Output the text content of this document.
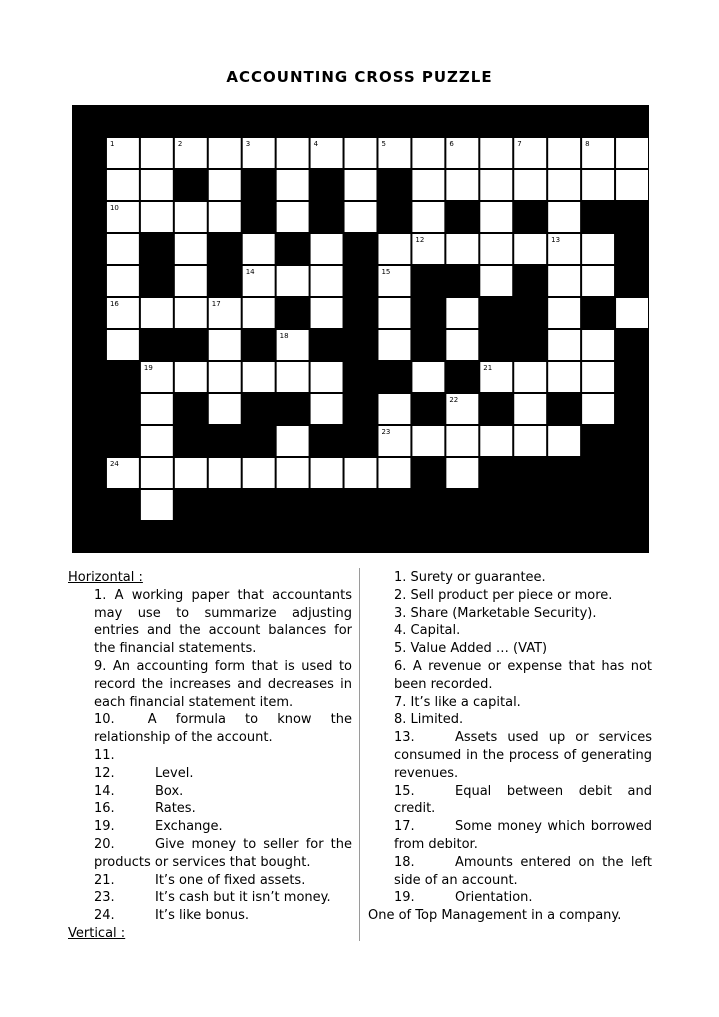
ACCOUNTING CROSS PUZZLE
1	2	3	4	5	6	7	8
9
10
12	13
14	15
16	17
18
19	20	21
22
23
24
Horizontal :
1. A working paper that accountants may use to summarize adjusting entries and the account balances for the financial statements.
9. An accounting form that is used to record the increases and decreases in each financial statement item.
10.	A formula to know the relationship of the account.
11.
12.	Level.
14.	Box.
16.	Rates.
19.	Exchange.
20.	Give money to seller for the products or services that bought.
21.	It’s one of fixed assets.
23.	It’s cash but it isn’t money.
24.	It’s like bonus.
Vertical :
1. Surety or guarantee.
2. Sell product per piece or more.
3. Share (Marketable Security).
4. Capital.
5. Value Added … (VAT)
6. A revenue or expense that has not been recorded.
7. It’s like a capital.
8. Limited.
13.	Assets used up or services consumed in the process of generating revenues.
15.	Equal between debit and credit.
17.	Some money which borrowed from debitor.
18.	Amounts entered on the left side of an account.
19.	Orientation.
One of Top Management in a company.
